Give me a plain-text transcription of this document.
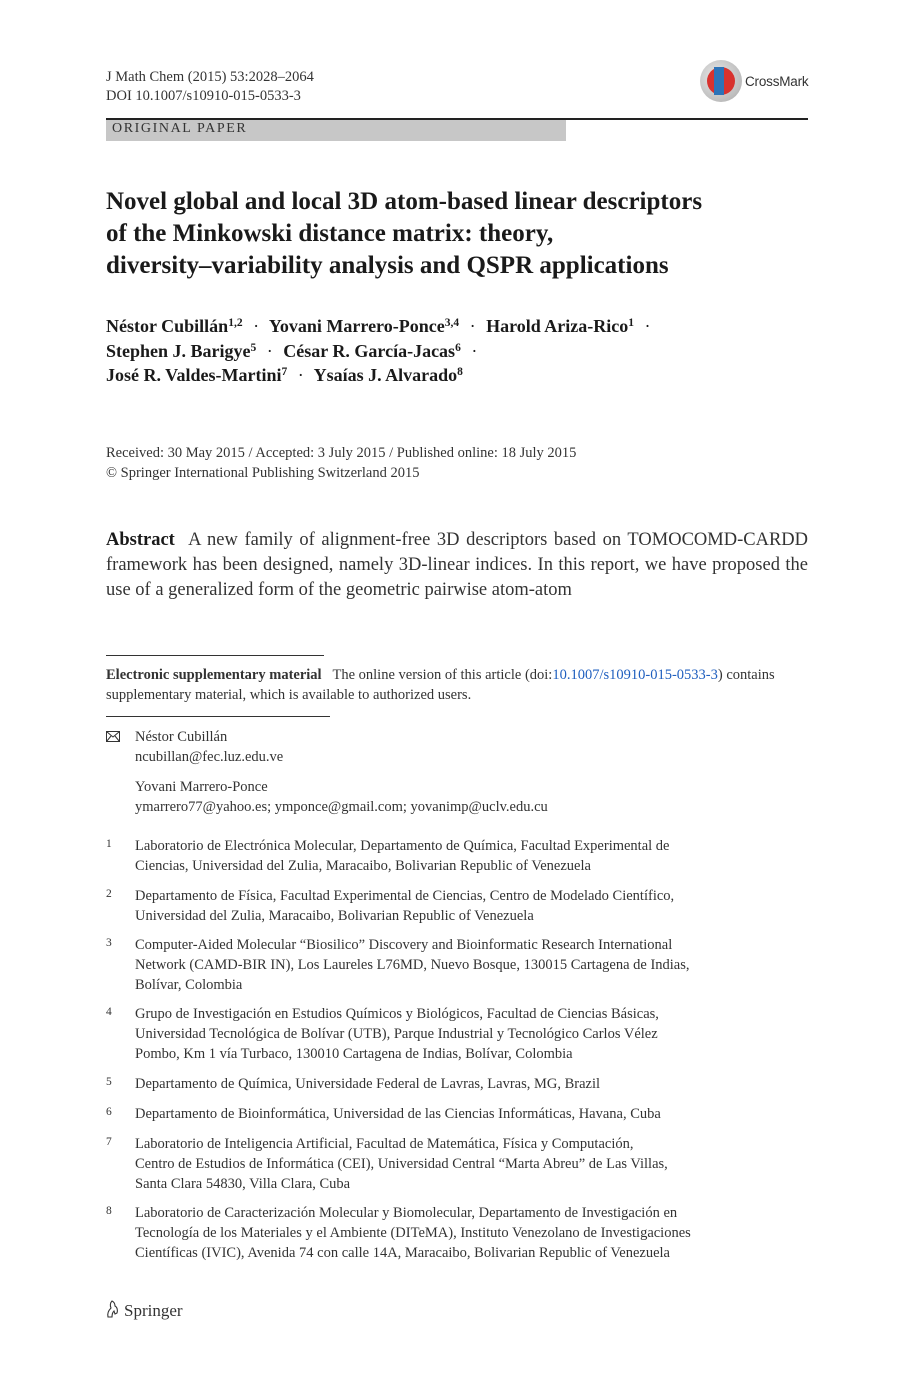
J Math Chem (2015) 53:2028–2064
DOI 10.1007/s10910-015-0533-3
CrossMark
ORIGINAL PAPER
Novel global and local 3D atom-based linear descriptors
of the Minkowski distance matrix: theory,
diversity–variability analysis and QSPR applications
Néstor Cubillán$^{1,2}$ · Yovani Marrero-Ponce$^{3,4}$ · Harold Ariza-Rico$^1$ ·
Stephen J. Barigye$^5$ · César R. García-Jacas$^6$ ·
José R. Valdes-Martini$^7$ · Ysaías J. Alvarado$^8$
Received: 30 May 2015 / Accepted: 3 July 2015 / Published online: 18 July 2015
© Springer International Publishing Switzerland 2015
Abstract A new family of alignment-free 3D descriptors based on TOMOCOMD-CARDD framework has been designed, namely 3D-linear indices. In this report, we have proposed the use of a generalized form of the geometric pairwise atom-atom
Electronic supplementary material The online version of this article (doi:10.1007/s10910-015-0533-3) contains supplementary material, which is available to authorized users.
Néstor Cubillán
ncubillan@fec.luz.edu.ve
Yovani Marrero-Ponce
ymarrero77@yahoo.es; ymponce@gmail.com; yovanimp@uclv.edu.cu
1 Laboratorio de Electrónica Molecular, Departamento de Química, Facultad Experimental de
Ciencias, Universidad del Zulia, Maracaibo, Bolivarian Republic of Venezuela
2 Departamento de Física, Facultad Experimental de Ciencias, Centro de Modelado Científico,
Universidad del Zulia, Maracaibo, Bolivarian Republic of Venezuela
3 Computer-Aided Molecular “Biosilico” Discovery and Bioinformatic Research International
Network (CAMD-BIR IN), Los Laureles L76MD, Nuevo Bosque, 130015 Cartagena de Indias,
Bolívar, Colombia
4 Grupo de Investigación en Estudios Químicos y Biológicos, Facultad de Ciencias Básicas,
Universidad Tecnológica de Bolívar (UTB), Parque Industrial y Tecnológico Carlos Vélez
Pombo, Km 1 vía Turbaco, 130010 Cartagena de Indias, Bolívar, Colombia
5 Departamento de Química, Universidade Federal de Lavras, Lavras, MG, Brazil
6 Departamento de Bioinformática, Universidad de las Ciencias Informáticas, Havana, Cuba
7 Laboratorio de Inteligencia Artificial, Facultad de Matemática, Física y Computación,
Centro de Estudios de Informática (CEI), Universidad Central “Marta Abreu” de Las Villas,
Santa Clara 54830, Villa Clara, Cuba
8 Laboratorio de Caracterización Molecular y Biomolecular, Departamento de Investigación en
Tecnología de los Materiales y el Ambiente (DITeMA), Instituto Venezolano de Investigaciones
Científicas (IVIC), Avenida 74 con calle 14A, Maracaibo, Bolivarian Republic of Venezuela
Springer
